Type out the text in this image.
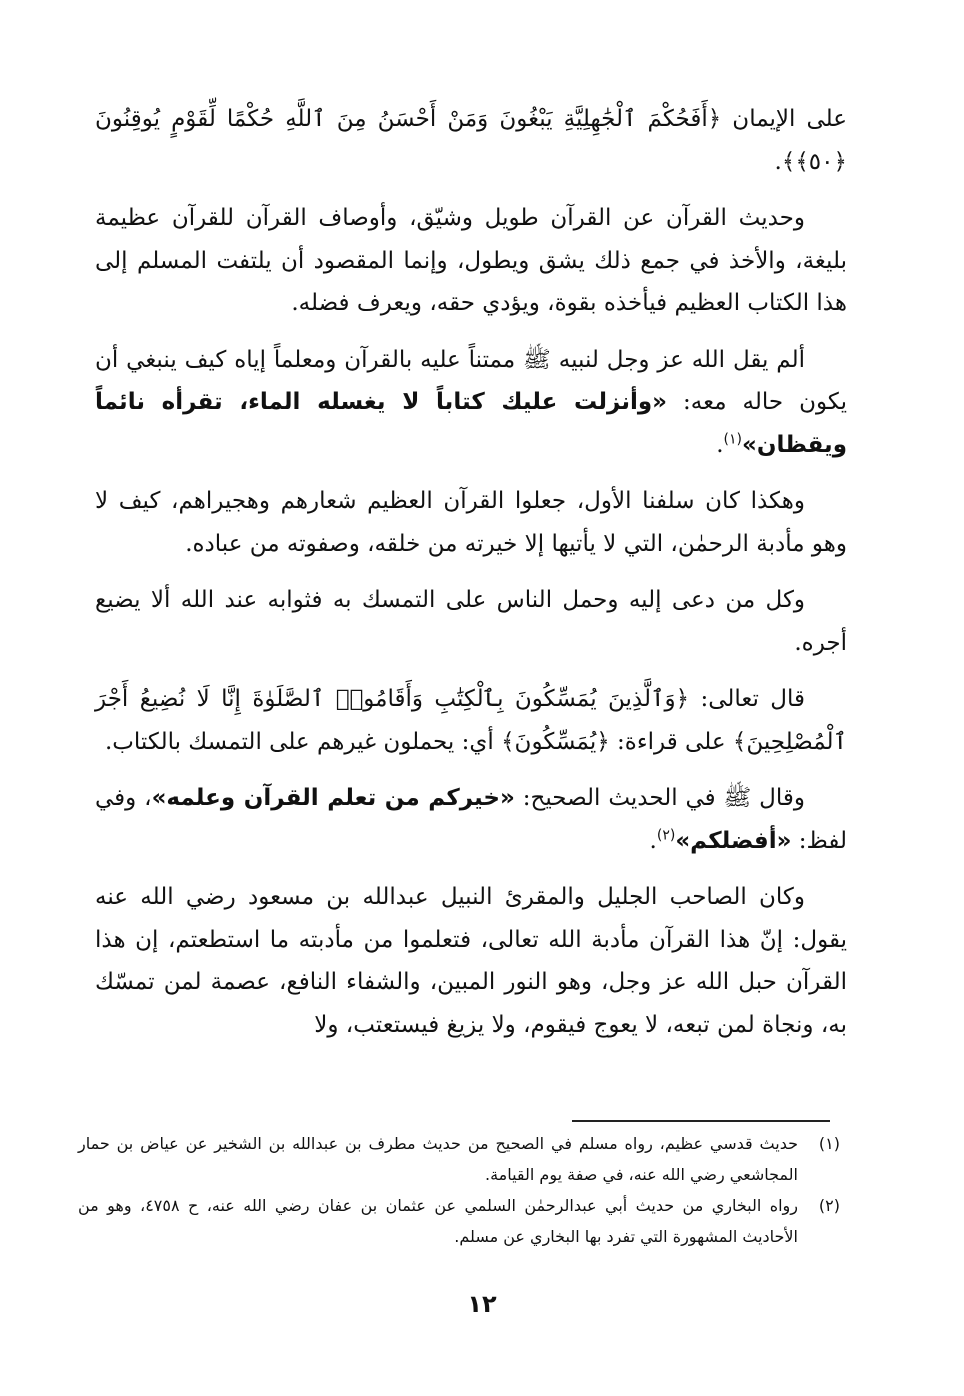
على الإيمان ﴿أَفَحُكْمَ ٱلْجَٰهِلِيَّةِ يَبْغُونَ وَمَنْ أَحْسَنُ مِنَ ٱللَّهِ حُكْمًا لِّقَوْمٍ يُوقِنُونَ ﴿٥٠﴾﴾.

وحديث القرآن عن القرآن طويل وشيّق، وأوصاف القرآن للقرآن عظيمة بليغة، والأخذ في جمع ذلك يشق ويطول، وإنما المقصود أن يلتفت المسلم إلى هذا الكتاب العظيم فيأخذه بقوة، ويؤدي حقه، ويعرف فضله.

ألم يقل الله عز وجل لنبيه ﷺ ممتناً عليه بالقرآن ومعلماً إياه كيف ينبغي أن يكون حاله معه: «وأنزلت عليك كتاباً لا يغسله الماء، تقرأه نائماً ويقظان»$^{(١)}$.

وهكذا كان سلفنا الأول، جعلوا القرآن العظيم شعارهم وهجيراهم، كيف لا وهو مأدبة الرحمٰن، التي لا يأتيها إلا خيرته من خلقه، وصفوته من عباده.

وكل من دعى إليه وحمل الناس على التمسك به فثوابه عند الله ألا يضيع أجره.

قال تعالى: ﴿وَٱلَّذِينَ يُمَسِّكُونَ بِٱلْكِتَٰبِ وَأَقَامُوا۟ ٱلصَّلَوٰةَ إِنَّا لَا نُضِيعُ أَجْرَ ٱلْمُصْلِحِينَ﴾ على قراءة: ﴿يُمَسِّكُونَ﴾ أي: يحملون غيرهم على التمسك بالكتاب.

وقال ﷺ في الحديث الصحيح: «خيركم من تعلم القرآن وعلمه»، وفي لفظ: «أفضلكم»$^{(٢)}$.

وكان الصاحب الجليل والمقرئ النبيل عبدالله بن مسعود رضي الله عنه يقول: إنّ هذا القرآن مأدبة الله تعالى، فتعلموا من مأدبته ما استطعتم، إن هذا القرآن حبل الله عز وجل، وهو النور المبين، والشفاء النافع، عصمة لمن تمسّك به، ونجاة لمن تبعه، لا يعوج فيقوم، ولا يزيغ فيستعتب، ولا

(١)
حديث قدسي عظيم، رواه مسلم في الصحيح من حديث مطرف بن عبدالله بن الشخير عن عياض بن حمار المجاشعي رضي الله عنه، في صفة يوم القيامة.
(٢)
رواه البخاري من حديث أبي عبدالرحمٰن السلمي عن عثمان بن عفان رضي الله عنه، ح ٤٧٥٨، وهو من الأحاديث المشهورة التي تفرد بها البخاري عن مسلم.
١٢
